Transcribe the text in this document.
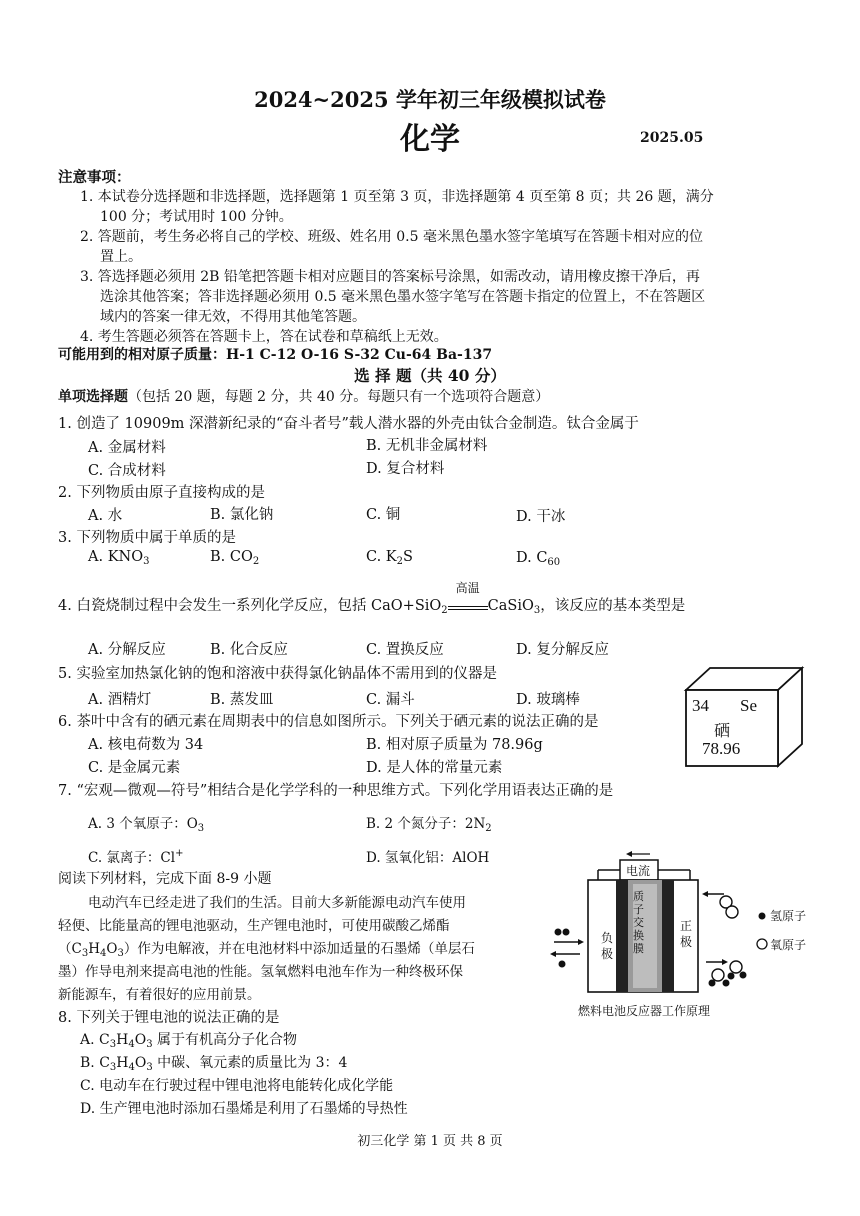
2024~2025 学年初三年级模拟试卷
化学	2025.05
注意事项：
1. 本试卷分选择题和非选择题，选择题第 1 页至第 3 页，非选择题第 4 页至第 8 页；共 26 题，满分
100 分；考试用时 100 分钟。
2. 答题前，考生务必将自己的学校、班级、姓名用 0.5 毫米黑色墨水签字笔填写在答题卡相对应的位
置上。
3. 答选择题必须用 2B 铅笔把答题卡相对应题目的答案标号涂黑，如需改动，请用橡皮擦干净后，再
选涂其他答案；答非选择题必须用 0.5 毫米黑色墨水签字笔写在答题卡指定的位置上，不在答题区
域内的答案一律无效，不得用其他笔答题。
4. 考生答题必须答在答题卡上，答在试卷和草稿纸上无效。
可能用到的相对原子质量：H-1 C-12 O-16 S-32 Cu-64 Ba-137
选 择 题（共 40 分）
单项选择题（包括 20 题，每题 2 分，共 40 分。每题只有一个选项符合题意）
1. 创造了 10909m 深潜新纪录的“奋斗者号”载人潜水器的外壳由钛合金制造。钛合金属于
A. 金属材料	B. 无机非金属材料
C. 合成材料	D. 复合材料
2. 下列物质由原子直接构成的是
A. 水	B. 氯化钠	C. 铜	D. 干冰
3. 下列物质中属于单质的是
A. $KNO_3$	B. $CO_2$	C. $K_2S$	D. $C_{60}$
4. 白瓷烧制过程中会发生一系列化学反应，包括 CaO+SiO$_2$
高温
CaSiO$_3$，该反应的基本类型是
A. 分解反应	B. 化合反应	C. 置换反应	D. 复分解反应
5. 实验室加热氯化钠的饱和溶液中获得氯化钠晶体不需用到的仪器是
A. 酒精灯	B. 蒸发皿	C. 漏斗	D. 玻璃棒	34 Se
硒
78.96
6. 茶叶中含有的硒元素在周期表中的信息如图所示。下列关于硒元素的说法正确的是
A. 核电荷数为 34	B. 相对原子质量为 78.96g
C. 是金属元素	D. 是人体的常量元素
7. “宏观—微观—符号”相结合是化学学科的一种思维方式。下列化学用语表达正确的是
A. 3 个氧原子：$O_3$	B. 2 个氮分子：$2N_2$
C. 氯离子：Cl+	D. 氢氧化铝：AlOH
阅读下列材料，完成下面 8-9 小题
电动汽车已经走进了我们的生活。目前大多新能源电动汽车使用
轻便、比能量高的锂电池驱动，生产锂电池时，可使用碳酸乙烯酯
$(C_3H_4O_3)$作为电解液，并在电池材料中添加适量的石墨烯（单层石
墨）作导电剂来提高电池的性能。氢氧燃料电池车作为一种终极环保
新能源车，有着很好的应用前景。
电流
负极
正极
质子交换膜
氢原子
氧原子
燃料电池反应器工作原理
8. 下列关于锂电池的说法正确的是
A. $C_3H_4O_3$ 属于有机高分子化合物
B. $C_3H_4O_3$ 中碳、氧元素的质量比为 3：4
C. 电动车在行驶过程中锂电池将电能转化成化学能
D. 生产锂电池时添加石墨烯是利用了石墨烯的导热性
初三化学 第 1 页 共 8 页
